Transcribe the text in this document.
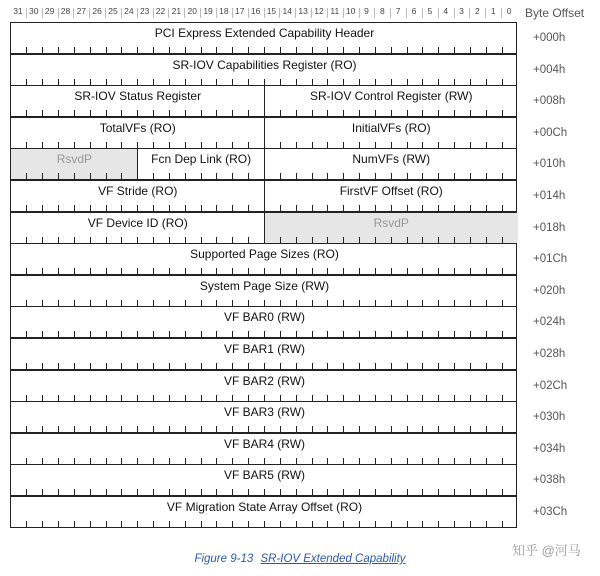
31 30 29 28 27 26 25 24 23 22 21 20 19 18 17 16 15 14 13 12 11 10	9	8	7	6	5	4	3	2	1	0	Byte Offset
PCI Express Extended Capability Header	+000h
SR-IOV Capabilities Register (RO)	+004h
SR-IOV Status Register	SR-IOV Control Register (RW)	+008h
TotalVFs (RO)	InitialVFs (RO)	+00Ch
RsvdP	Fcn Dep Link (RO)	NumVFs (RW)	+010h
VF Stride (RO)	FirstVF Offset (RO)	+014h
VF Device ID (RO)	RsvdP	+018h
Supported Page Sizes (RO)	+01Ch
System Page Size (RW)	+020h
VF BAR0 (RW)	+024h
VF BAR1 (RW)	+028h
VF BAR2 (RW)	+02Ch
VF BAR3 (RW)	+030h
VF BAR4 (RW)	+034h
VF BAR5 (RW)	+038h
VF Migration State Array Offset (RO)	+03Ch
Figure 9-13 SR-IOV Extended Capability
知乎 @河马
